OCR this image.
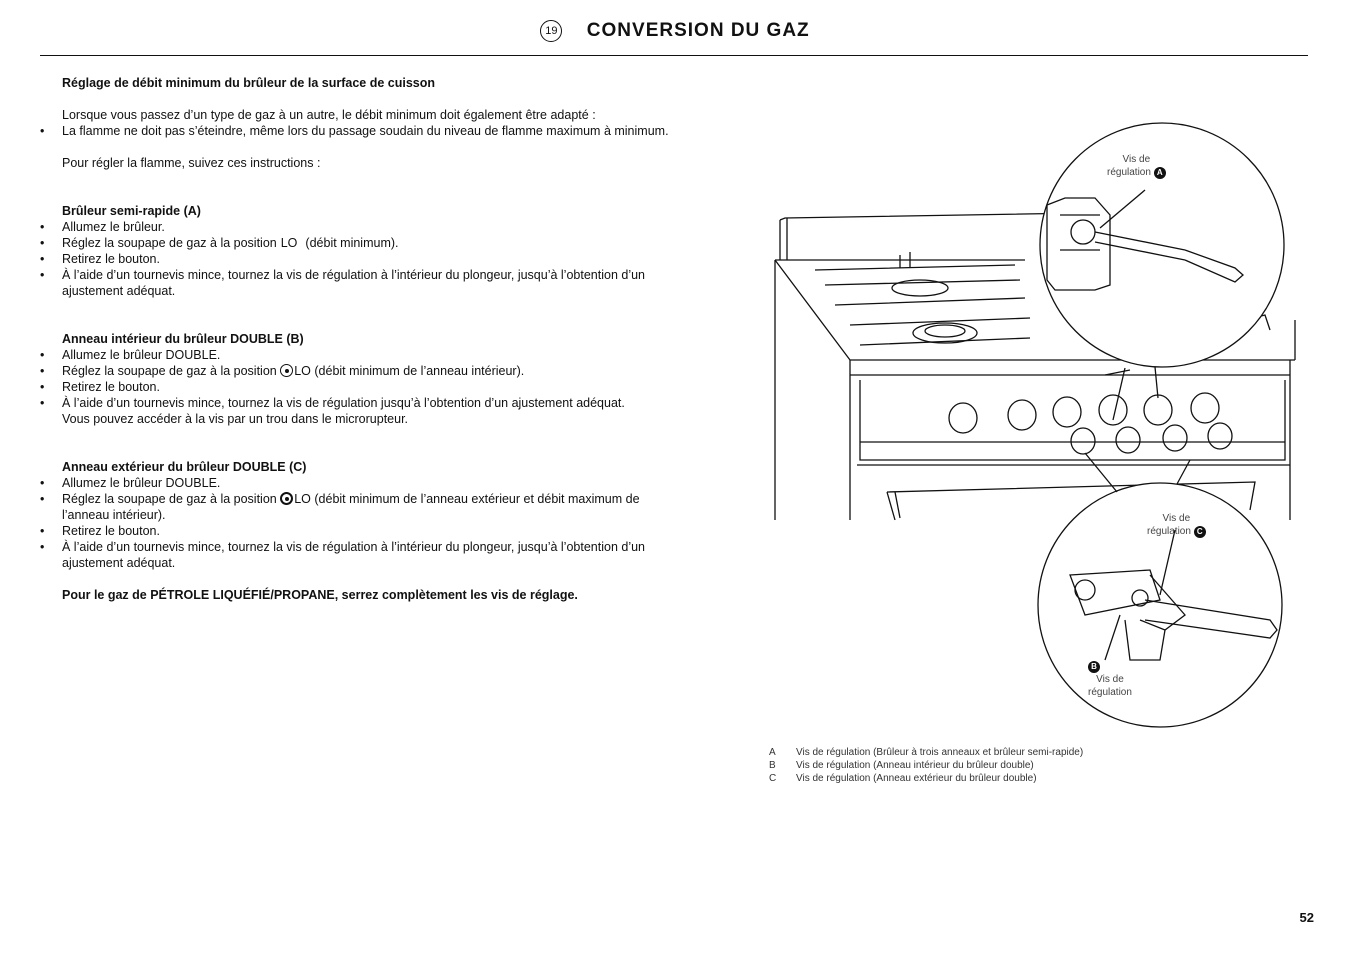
19 CONVERSION DU GAZ

Réglage de débit minimum du brûleur de la surface de cuisson

Lorsque vous passez d’un type de gaz à un autre, le débit minimum doit également être adapté :

• La flamme ne doit pas s’éteindre, même lors du passage soudain du niveau de flamme maximum à minimum.

Pour régler la flamme, suivez ces instructions :

Brûleur semi-rapide (A)

• Allumez le brûleur.
• Réglez la soupape de gaz à la position LO (débit minimum).
• Retirez le bouton.
• À l’aide d’un tournevis mince, tournez la vis de régulation à l’intérieur du plongeur, jusqu’à l’obtention d’un ajustement adéquat.

Anneau intérieur du brûleur DOUBLE (B)

• Allumez le brûleur DOUBLE.
• Réglez la soupape de gaz à la position LO (débit minimum de l’anneau intérieur).
• Retirez le bouton.
• À l’aide d’un tournevis mince, tournez la vis de régulation jusqu’à l’obtention d’un ajustement adéquat.

Vous pouvez accéder à la vis par un trou dans le microrupteur.

Anneau extérieur du brûleur DOUBLE (C)

• Allumez le brûleur DOUBLE.
• Réglez la soupape de gaz à la position LO (débit minimum de l’anneau extérieur et débit maximum de l’anneau intérieur).
• Retirez le bouton.
• À l’aide d’un tournevis mince, tournez la vis de régulation à l’intérieur du plongeur, jusqu’à l’obtention d’un ajustement adéquat.

Pour le gaz de PÉTROLE LIQUÉFIÉ/PROPANE, serrez complètement les vis de réglage.

Vis de
régulation A
Vis de
régulation C
B
Vis de
régulation
A	Vis de régulation (Brûleur à trois anneaux et brûleur semi-rapide)
B	Vis de régulation (Anneau intérieur du brûleur double)
C	Vis de régulation (Anneau extérieur du brûleur double)
52
